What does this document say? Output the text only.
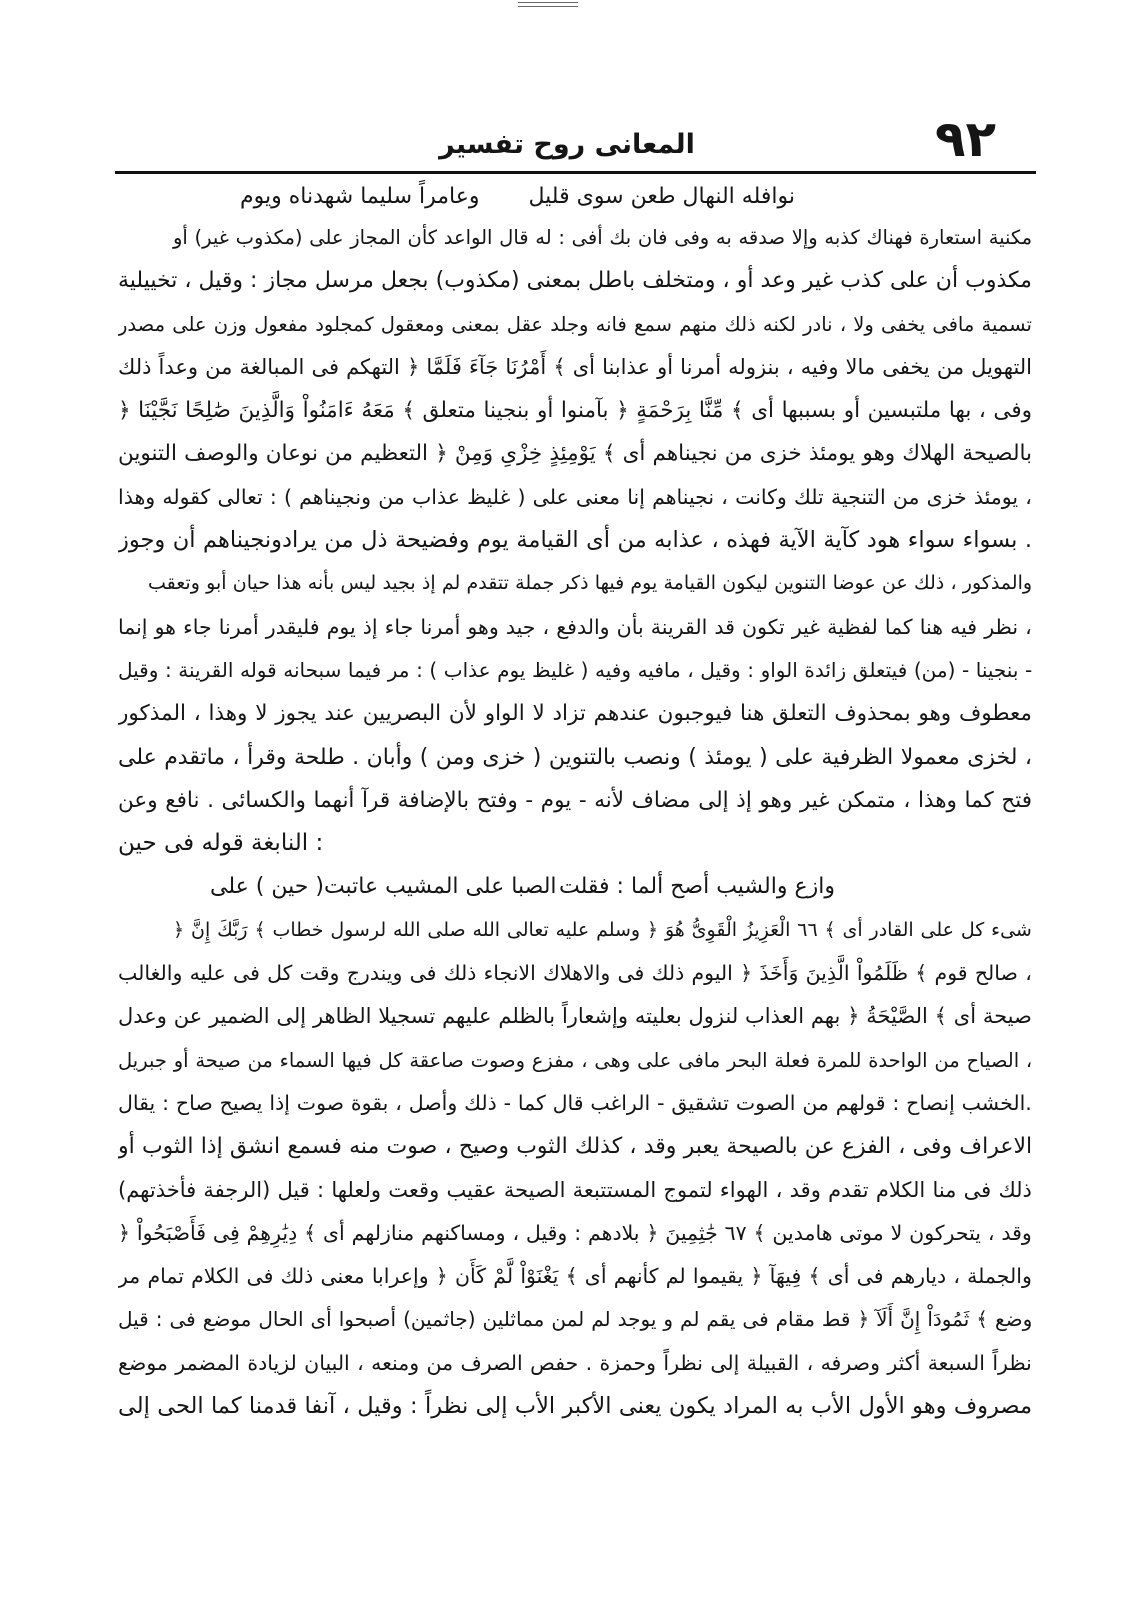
٩٢
تفسير روح المعانى
ويوم شهدناه سليما وعامراً قليل سوى طعن النهال نوافله
أو (غير مكذوب) على المجاز كأن الواعد قال له : أفى بك فان وفى به صدقه وإلا كذبه فهناك استعارة مكنية
تخييلية ، وقيل : مجاز مرسل بجعل (مكذوب) بمعنى باطل ومتخلف ، أو وعد غير كذب على أن مكذوب
مصدر على وزن مفعول كمجلود ومعقول بمعنى عقل وجلد فانه سمع منهم ذلك لكنه نادر ، ولا يخفى مافى تسمية
ذلك وعداً من المبالغة فى التهكم ﴿ فَلَمَّا جَآءَ أَمْرُنَا ﴾ أى عذابنا أو أمرنا بنزوله ، وفيه مالا يخفى من التهويل
﴿ نَجَّيْنَا صَٰلِحًا وَالَّذِينَ ءَامَنُواْ مَعَهُ ﴾ متعلق بنجينا أو بآمنوا ﴿ بِرَحْمَةٍ مِّنَّا ﴾ أى بسببها أو ملتبسين بها ، وفى
التنوين والوصف نوعان من التعظيم ﴿ وَمِنْ خِزْىِ يَوْمِئِذٍ ﴾ أى نجيناهم من خزى يومئذ وهو الهلاك بالصيحة
وهذا كقوله تعالى : ( ونجيناهم من عذاب غليظ ) على معنى إنا نجيناهم ، وكانت تلك التنجية من خزى يومئذ ،
وجوز أن يرادونجيناهم من ذل وفضيحة يوم القيامة أى من عذابه ، فهذه الآية كآية هود سواء بسواء .
وتعقب أبو حيان هذا بأنه ليس بجيد إذ لم تتقدم جملة ذكر فيها يوم القيامة ليكون التنوين عوضا عن ذلك ، والمذكور
إنما هو جاء أمرنا فليقدر يوم إذ جاء أمرنا وهو جيد ، والدفع بأن القرينة قد تكون غير لفظية كما هنا فيه نظر ،
وقيل : القرينة قوله سبحانه فيما مر : ( عذاب يوم غليظ ) وفيه مافيه ، وقيل : الواو زائدة فيتعلق (من) - بنجينا -
المذكور ، وهذا لا يجوز عند البصريين لأن الواو لا تزاد عندهم فيوجبون هنا التعلق بمحذوف وهو معطوف
على ماتقدم ، وقرأ طلحة . وأبان ( ومن خزى ) بالتنوين ونصب ( يومئذ ) على الظرفية معمولا لخزى ،
وعن نافع . والكسائى أنهما قرآ بالإضافة وفتح - يوم - لأنه مضاف إلى إذ وهو غير متمكن ، وهذا كما فتح
حين فى قوله النابغة :
على ( حين )عاتبت المشيب على الصبا فقلت : ألما أصح والشيب وازع
﴿ إِنَّ رَبَّكَ ﴾ خطاب لرسول الله صلى الله تعالى عليه وسلم ﴿ هُوَ الْقَوِىُّ الْعَزِيزُ ٦٦ ﴾ أى القادر على كل شىء
والغالب عليه فى كل وقت ويندرج فى ذلك الانجاء والاهلاك فى ذلك اليوم ﴿ وَأَخَذَ الَّذِينَ ظَلَمُواْ ﴾ قوم صالح ،
وعدل عن الضمير إلى الظاهر تسجيلا عليهم بالظلم وإشعاراً بعليته لنزول العذاب بهم ﴿ الصَّيْحَةُ ﴾ أى صيحة
جبريل أو صيحة من السماء فيها كل صاعقة وصوت مفزع ، وهى على مافى البحر فعلة للمرة الواحدة من الصياح ،
يقال : صاح يصيح إذا صوت بقوة ، وأصل ذلك - كما قال الراغب - تشقيق الصوت من قولهم : إنصاح الخشب.
أو الثوب إذا انشق فسمع منه صوت ، وصيح الثوب كذلك ، وقد يعبر بالصيحة عن الفزع ، وفى الاعراف
(فأخذتهم الرجفة) قيل : ولعلها وقعت عقيب الصيحة المستتبعة لتموج الهواء ، وقد تقدم الكلام منا فى ذلك
﴿ فَأَصْبَحُواْ فِى دِيَٰرِهِمْ ﴾ أى منازلهم ومساكنهم ، وقيل : بلادهم ﴿ جَٰثِمِينَ ٦٧ ﴾ هامدين موتى لا يتحركون ، وقد
مر تمام الكلام فى ذلك معنى وإعرابا ﴿ كَأَن لَّمْ يَغْنَوْاْ ﴾ أى كأنهم لم يقيموا ﴿ فِيهَآ ﴾ أى فى ديارهم ، والجملة
قيل : فى موضع الحال أى أصبحوا (جاثمين) مماثلين لمن لم يوجد و لم يقم فى مقام قط ﴿ أَلَآ إِنَّ ثَمُودَاْ ﴾ وضع
موضع المضمر لزيادة البيان ، ومنعه من الصرف حفص . وحمزة نظراً إلى القبيلة ، وصرفه أكثر السبعة نظراً
إلى الحى كما قدمنا آنفا ، وقيل : نظراً إلى الأب الأكبر يعنى يكون المراد به الأب الأول وهو مصروف
